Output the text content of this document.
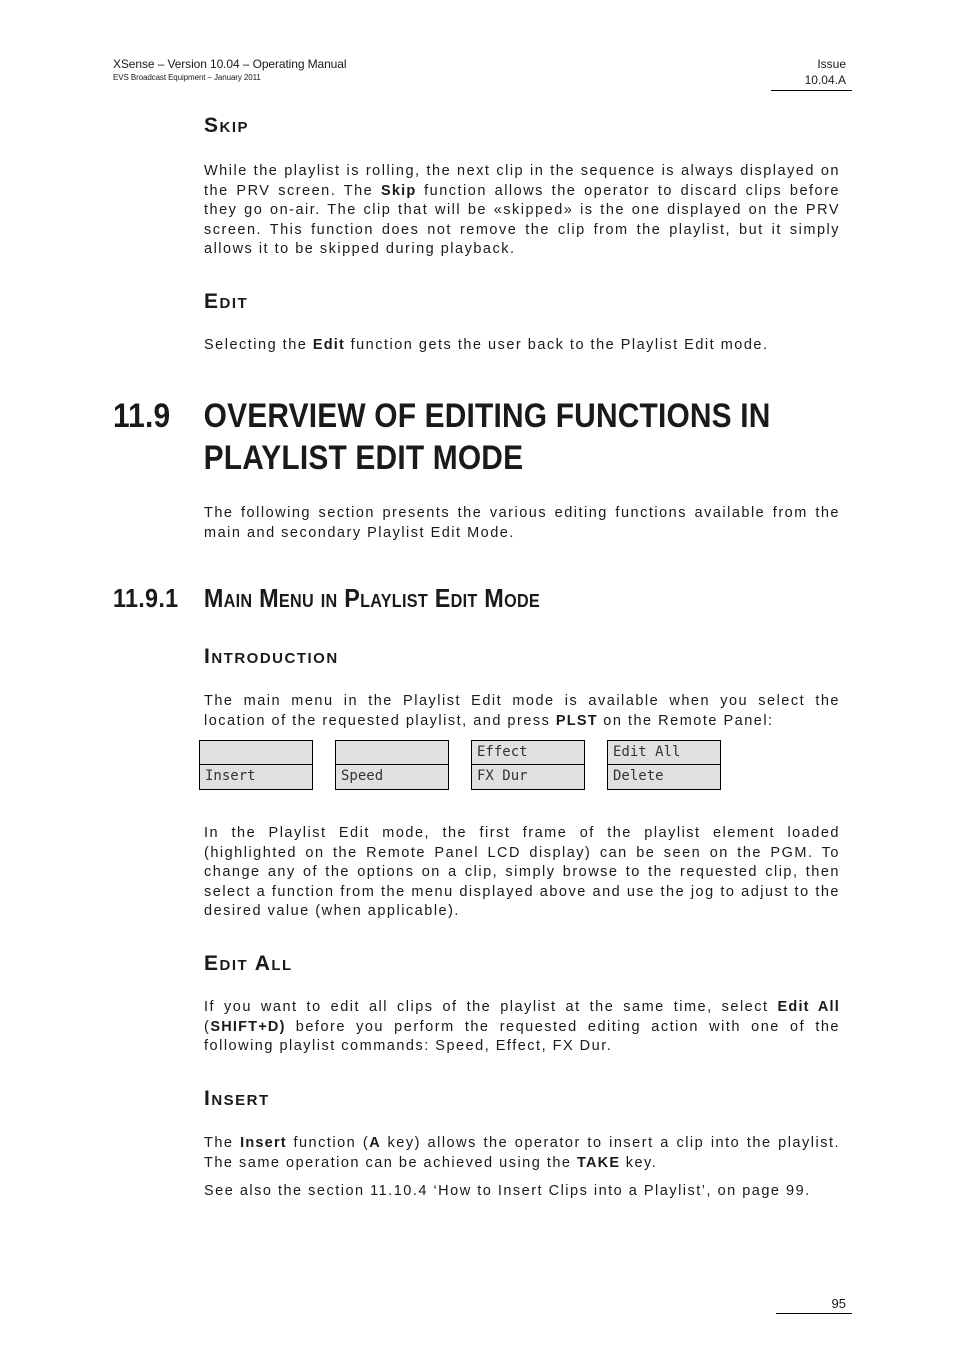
XSense – Version 10.04 – Operating Manual
EVS Broadcast Equipment – January 2011
Issue
10.04.A
Skip
While the playlist is rolling, the next clip in the sequence is always displayed on the PRV screen. The Skip function allows the operator to discard clips before they go on-air. The clip that will be «skipped» is the one displayed on the PRV screen. This function does not remove the clip from the playlist, but it simply allows it to be skipped during playback.
Edit
Selecting the Edit function gets the user back to the Playlist Edit mode.
11.9 OVERVIEW OF EDITING FUNCTIONS IN
PLAYLIST EDIT MODE
The following section presents the various editing functions available from the main and secondary Playlist Edit Mode.
11.9.1 Main Menu in Playlist Edit Mode
Introduction
The main menu in the Playlist Edit mode is available when you select the location of the requested playlist, and press PLST on the Remote Panel:
Insert	Speed
Effect
FX Dur
Edit All
Delete
In the Playlist Edit mode, the first frame of the playlist element loaded (highlighted on the Remote Panel LCD display) can be seen on the PGM. To change any of the options on a clip, simply browse to the requested clip, then select a function from the menu displayed above and use the jog to adjust to the desired value (when applicable).
Edit All
If you want to edit all clips of the playlist at the same time, select Edit All (SHIFT+D) before you perform the requested editing action with one of the following playlist commands: Speed, Effect, FX Dur.
Insert
The Insert function (A key) allows the operator to insert a clip into the playlist. The same operation can be achieved using the TAKE key.
See also the section 11.10.4 ‘How to Insert Clips into a Playlist’, on page 99.
95
